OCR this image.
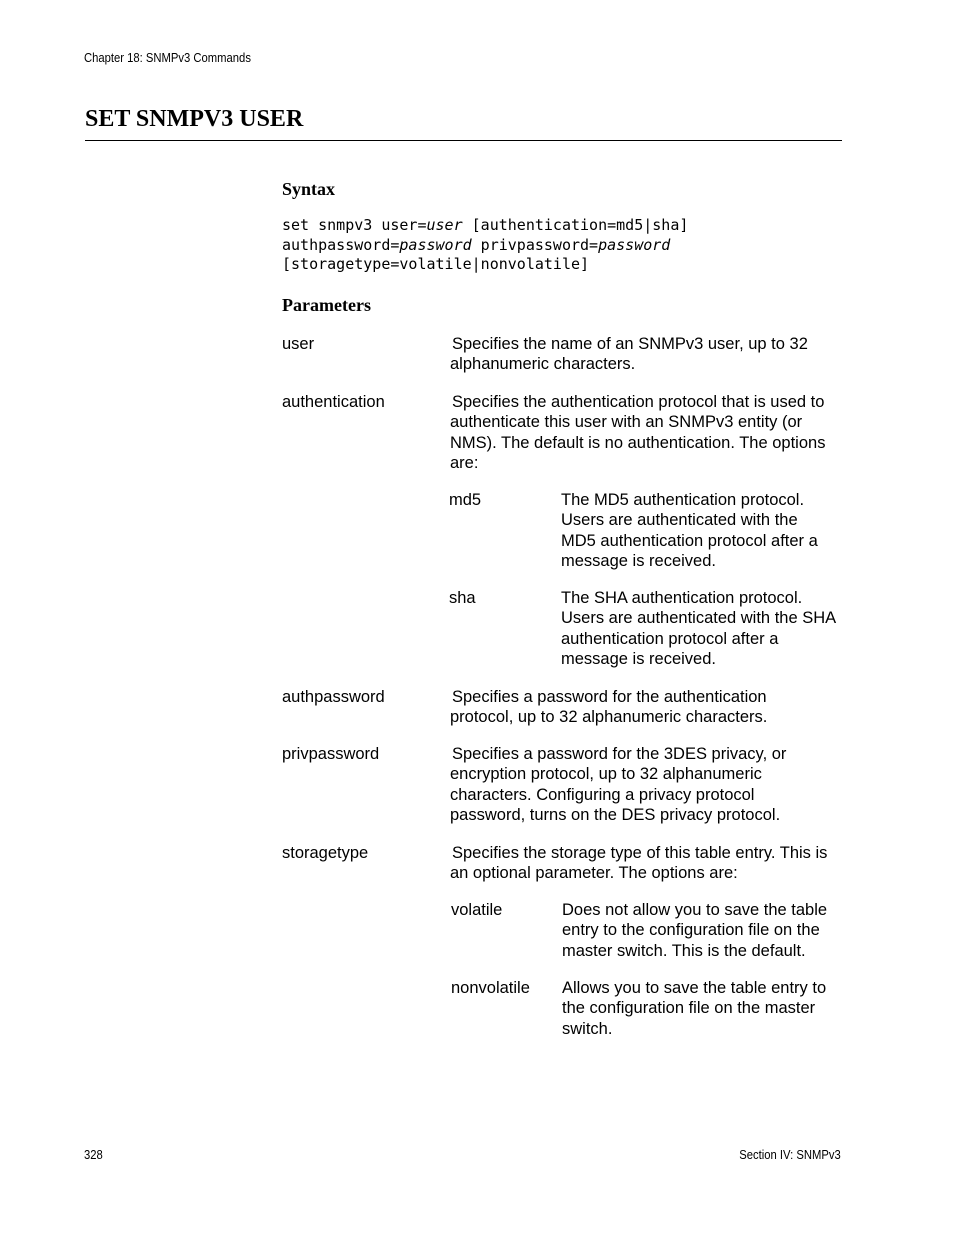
Chapter 18: SNMPv3 Commands
SET SNMPV3 USER
Syntax
set snmpv3 user=user [authentication=md5|sha]
authpassword=password privpassword=password
[storagetype=volatile|nonvolatile]
Parameters
user	Specifies the name of an SNMPv3 user, up to 32 alphanumeric characters.
authentication	Specifies the authentication protocol that is used to authenticate this user with an SNMPv3 entity (or NMS). The default is no authentication. The options are:
md5	The MD5 authentication protocol. Users are authenticated with the MD5 authentication protocol after a message is received.
sha	The SHA authentication protocol. Users are authenticated with the SHA authentication protocol after a message is received.
authpassword	Specifies a password for the authentication protocol, up to 32 alphanumeric characters.
privpassword	Specifies a password for the 3DES privacy, or encryption protocol, up to 32 alphanumeric characters. Configuring a privacy protocol password, turns on the DES privacy protocol.
storagetype	Specifies the storage type of this table entry. This is an optional parameter. The options are:
volatile	Does not allow you to save the table entry to the configuration file on the master switch. This is the default.
nonvolatile Allows you to save the table entry to the configuration file on the master switch.
328	Section IV: SNMPv3
